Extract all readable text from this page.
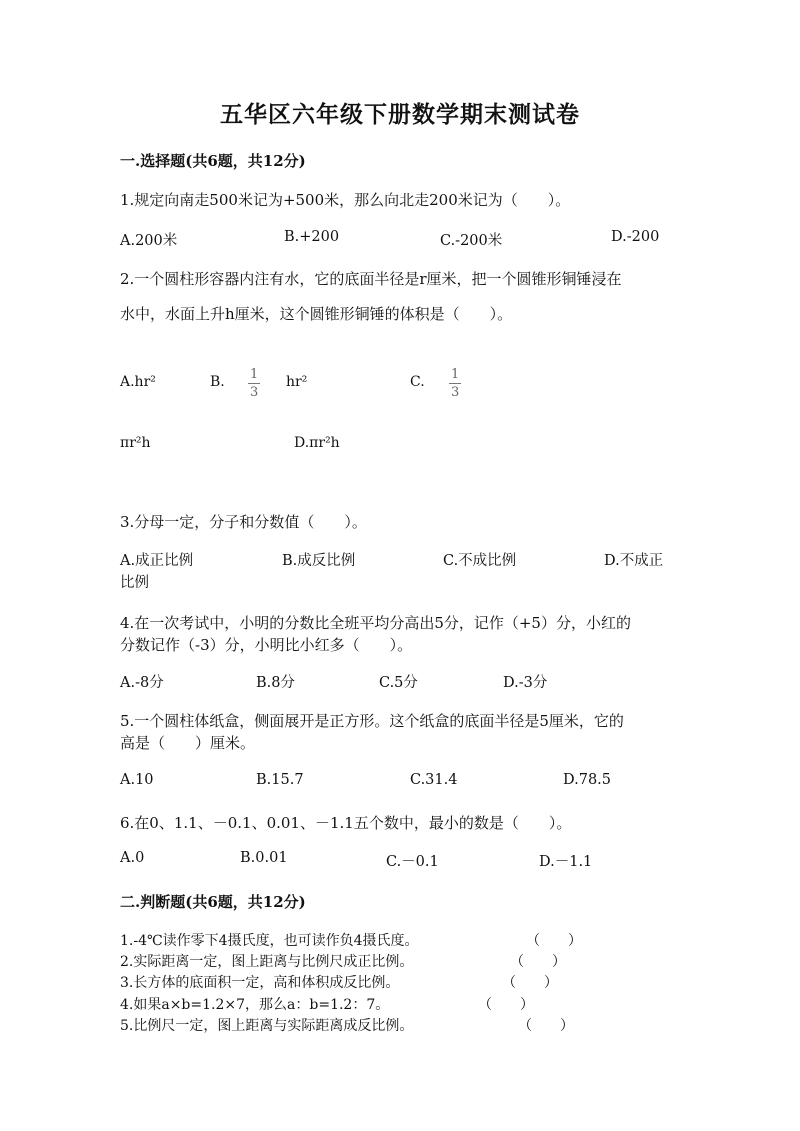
五华区六年级下册数学期末测试卷
一.选择题(共6题，共12分)
1.规定向南走500米记为+500米，那么向北走200米记为（　　）。
A.200米	B.+200	C.-200米	D.-200
2.一个圆柱形容器内注有水，它的底面半径是r厘米，把一个圆锥形铜锤浸在
水中，水面上升h厘米，这个圆锥形铜锤的体积是（　　）。
A.hr²	B. $\frac{1}{3} hr^2$	C. $\frac{1}{3}$
πr²h	D.πr²h
3.分母一定，分子和分数值（　　）。
A.成正比例	B.成反比例	C.不成比例	D.不成正
比例
4.在一次考试中，小明的分数比全班平均分高出5分，记作（+5）分，小红的
分数记作（-3）分，小明比小红多（　　）。
A.-8分	B.8分	C.5分	D.-3分
5.一个圆柱体纸盒，侧面展开是正方形。这个纸盒的底面半径是5厘米，它的
高是（　　）厘米。
A.10	B.15.7	C.31.4	D.78.5
6.在0、1.1、－0.1、0.01、－1.1五个数中，最小的数是（　　）。
A.0	B.0.01	C.－0.1	D.－1.1
二.判断题(共6题，共12分)
1.-4℃读作零下4摄氏度，也可读作负4摄氏度。	（　　）
2.实际距离一定，图上距离与比例尺成正比例。	（　　）
3.长方体的底面积一定，高和体积成反比例。	（　　）
4.如果a×b=1.2×7，那么a：b=1.2：7。	（　　）
5.比例尺一定，图上距离与实际距离成反比例。	（　　）
